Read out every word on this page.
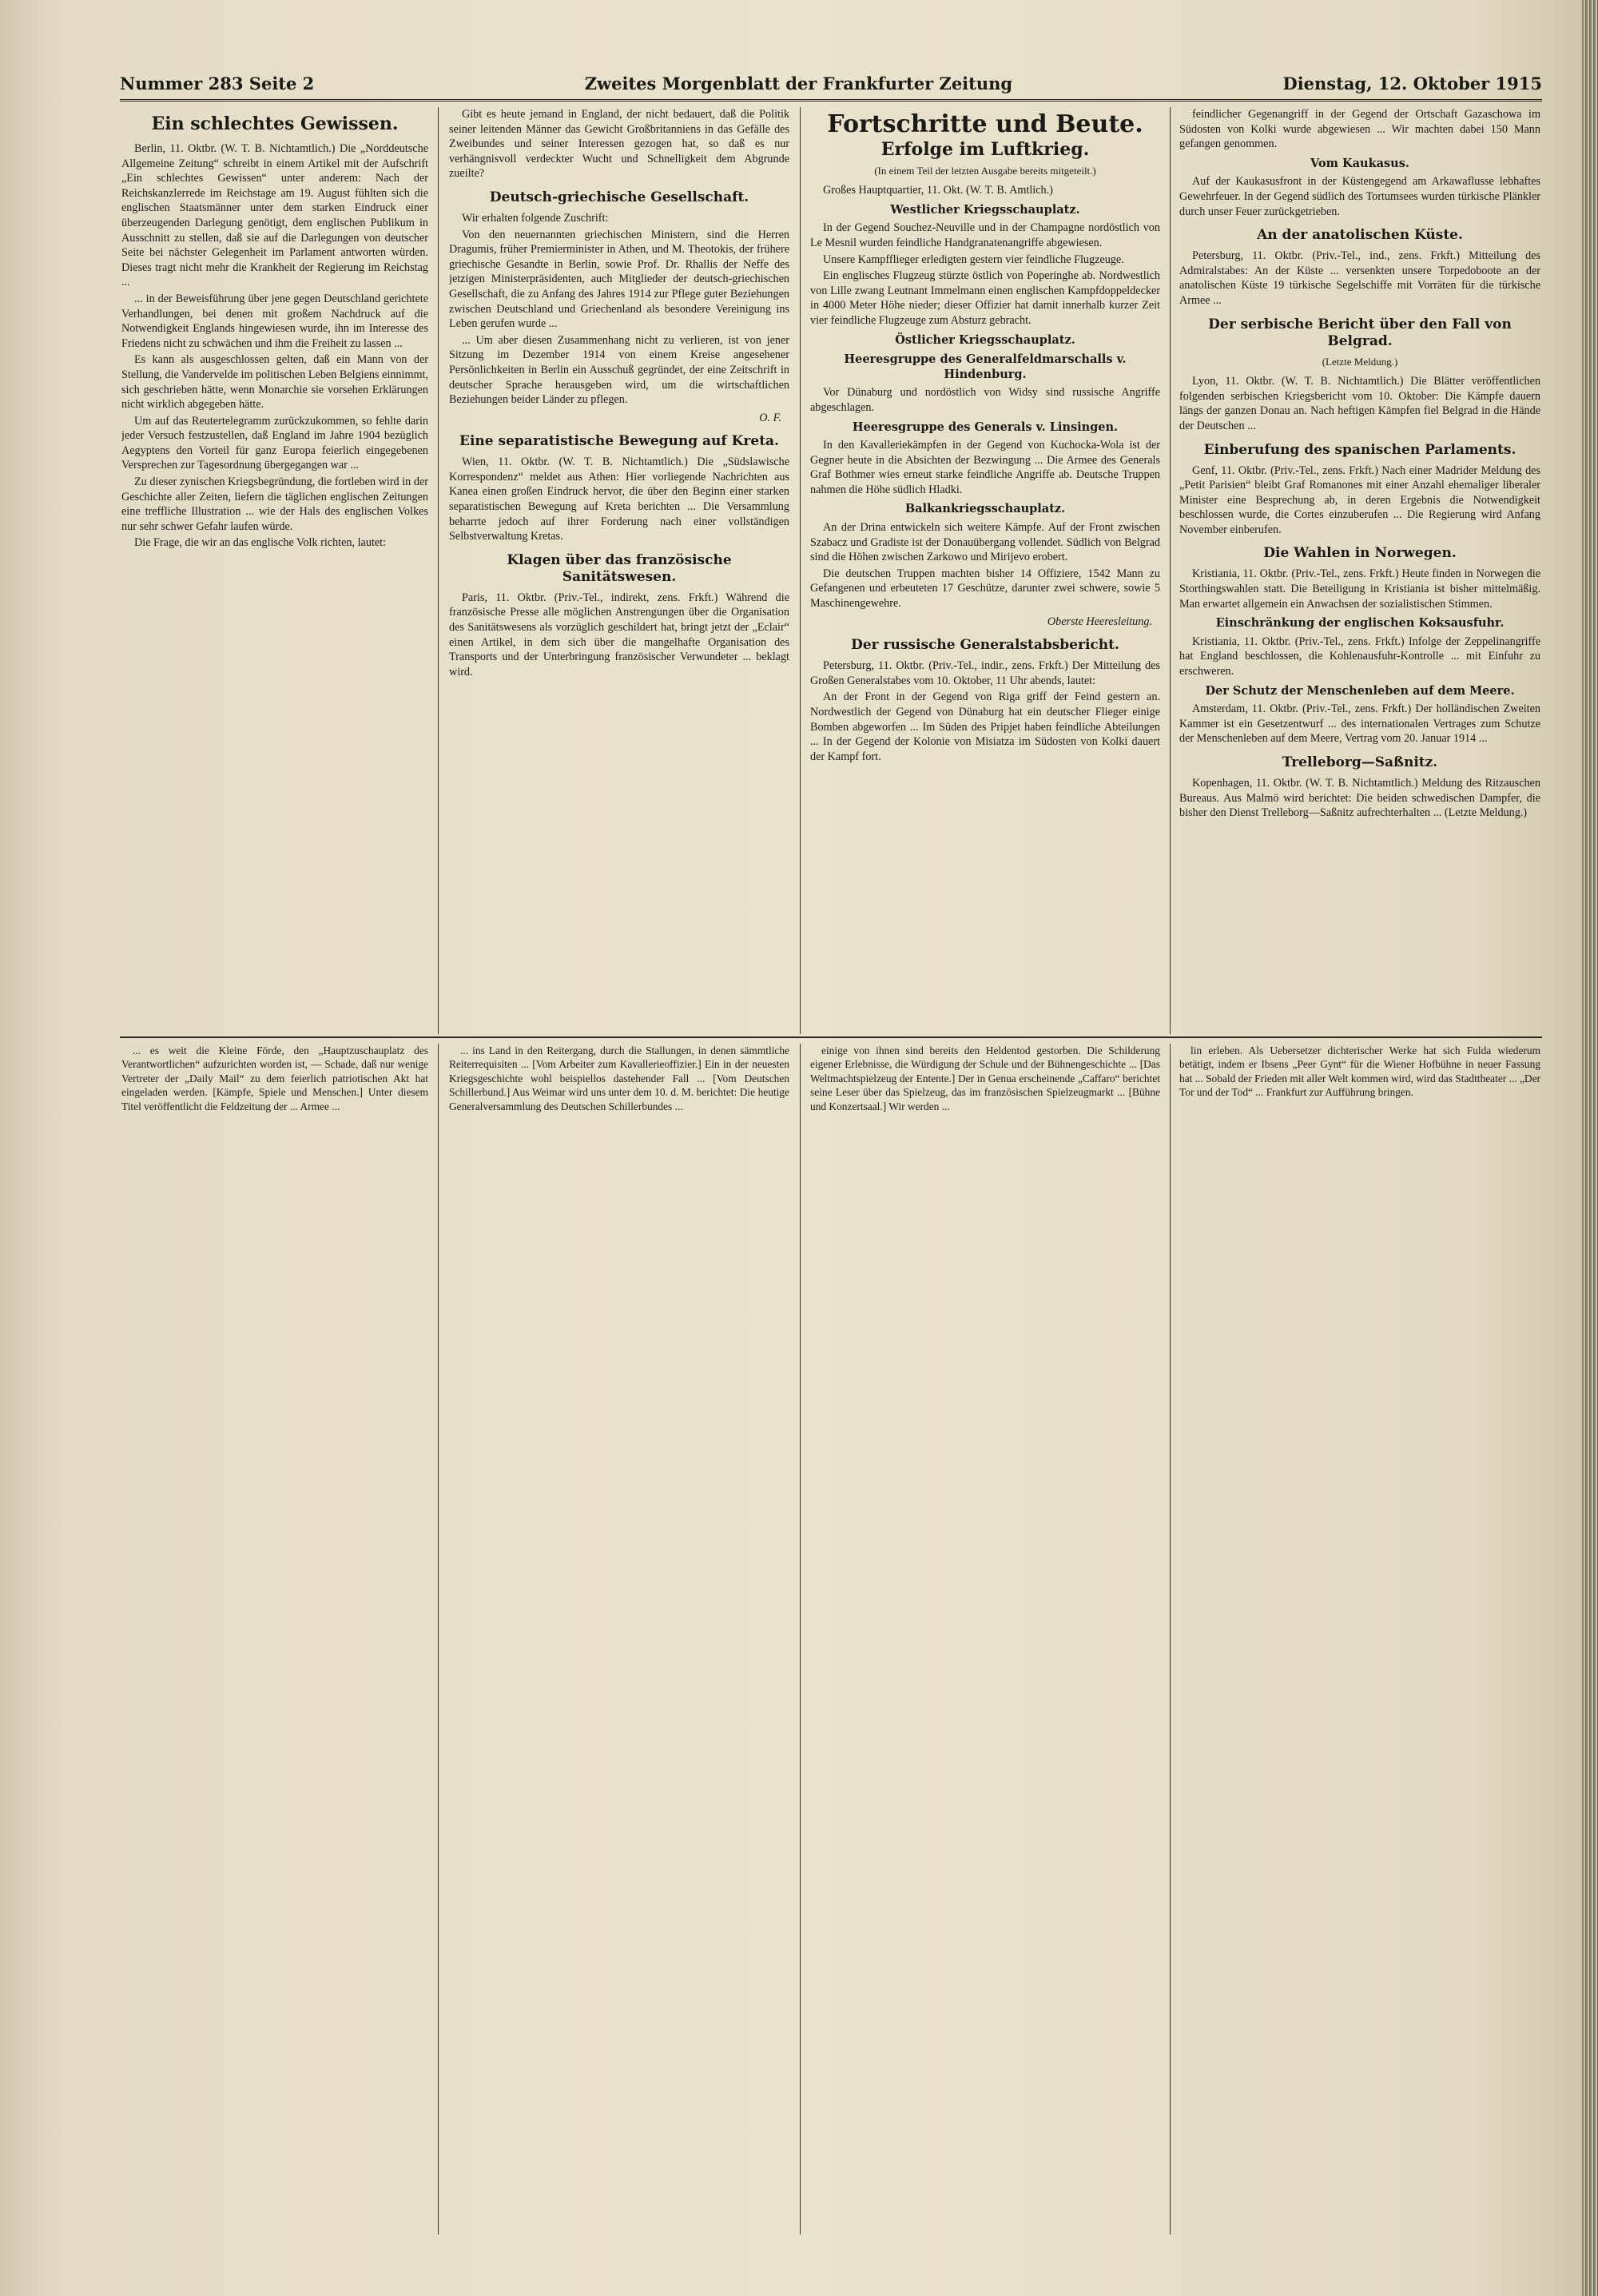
Nummer 283 Seite 2	Zweites Morgenblatt der Frankfurter Zeitung	Dienstag, 12. Oktober 1915
Ein schlechtes Gewissen.

Berlin, 11. Oktbr. (W. T. B. Nichtamtlich.) Die „Norddeutsche Allgemeine Zeitung“ schreibt in einem Artikel mit der Aufschrift „Ein schlechtes Gewissen“ unter anderem: Nach der Reichskanzlerrede im Reichstage am 19. August fühlten sich die englischen Staatsmänner unter dem starken Eindruck einer überzeugenden Darlegung genötigt, dem englischen Publikum in Ausschnitt zu stellen, daß sie auf die Darlegungen von deutscher Seite bei nächster Gelegenheit im Parlament antworten würden. Dieses tragt nicht mehr die Krankheit der Regierung im Reichstag ...

... in der Beweisführung über jene gegen Deutschland gerichtete Verhandlungen, bei denen mit großem Nachdruck auf die Notwendigkeit Englands hingewiesen wurde, ihn im Interesse des Friedens nicht zu schwächen und ihm die Freiheit zu lassen ...

Es kann als ausgeschlossen gelten, daß ein Mann von der Stellung, die Vandervelde im politischen Leben Belgiens einnimmt, sich geschrieben hätte, wenn Monarchie sie vorsehen Erklärungen nicht wirklich abgegeben hätte.

Um auf das Reutertelegramm zurückzukommen, so fehlte darin jeder Versuch festzustellen, daß England im Jahre 1904 bezüglich Aegyptens den Vorteil für ganz Europa feierlich eingegebenen Versprechen zur Tagesordnung übergegangen war ...

Zu dieser zynischen Kriegsbegründung, die fortleben wird in der Geschichte aller Zeiten, liefern die täglichen englischen Zeitungen eine treffliche Illustration ... wie der Hals des englischen Volkes nur sehr schwer Gefahr laufen würde.

Die Frage, die wir an das englische Volk richten, lautet:

Gibt es heute jemand in England, der nicht bedauert, daß die Politik seiner leitenden Männer das Gewicht Großbritanniens in das Gefälle des Zweibundes und seiner Interessen gezogen hat, so daß es nur verhängnisvoll verdeckter Wucht und Schnelligkeit dem Abgrunde zueilte?

Deutsch-griechische Gesellschaft.

Wir erhalten folgende Zuschrift:

Von den neuernannten griechischen Ministern, sind die Herren Dragumis, früher Premierminister in Athen, und M. Theotokis, der frühere griechische Gesandte in Berlin, sowie Prof. Dr. Rhallis der Neffe des jetzigen Ministerpräsidenten, auch Mitglieder der deutsch-griechischen Gesellschaft, die zu Anfang des Jahres 1914 zur Pflege guter Beziehungen zwischen Deutschland und Griechenland als besondere Vereinigung ins Leben gerufen wurde ...

... Um aber diesen Zusammenhang nicht zu verlieren, ist von jener Sitzung im Dezember 1914 von einem Kreise angesehener Persönlichkeiten in Berlin ein Ausschuß gegründet, der eine Zeitschrift in deutscher Sprache herausgeben wird, um die wirtschaftlichen Beziehungen beider Länder zu pflegen.

O. F.
Eine separatistische Bewegung auf Kreta.

Wien, 11. Oktbr. (W. T. B. Nichtamtlich.) Die „Südslawische Korrespondenz“ meldet aus Athen: Hier vorliegende Nachrichten aus Kanea einen großen Eindruck hervor, die über den Beginn einer starken separatistischen Bewegung auf Kreta berichten ... Die Versammlung beharrte jedoch auf ihrer Forderung nach einer vollständigen Selbstverwaltung Kretas.

Klagen über das französische Sanitätswesen.

Paris, 11. Oktbr. (Priv.-Tel., indirekt, zens. Frkft.) Während die französische Presse alle möglichen Anstrengungen über die Organisation des Sanitätswesens als vorzüglich geschildert hat, bringt jetzt der „Eclair“ einen Artikel, in dem sich über die mangelhafte Organisation des Transports und der Unterbringung französischer Verwundeter ... beklagt wird.

Fortschritte und Beute.
Erfolge im Luftkrieg.
(In einem Teil der letzten Ausgabe bereits mitgeteilt.)

Großes Hauptquartier, 11. Okt. (W. T. B. Amtlich.)

Westlicher Kriegsschauplatz.

In der Gegend Souchez-Neuville und in der Champagne nordöstlich von Le Mesnil wurden feindliche Handgranatenangriffe abgewiesen.

Unsere Kampfflieger erledigten gestern vier feindliche Flugzeuge.

Ein englisches Flugzeug stürzte östlich von Poperinghe ab. Nordwestlich von Lille zwang Leutnant Immelmann einen englischen Kampfdoppeldecker in 4000 Meter Höhe nieder; dieser Offizier hat damit innerhalb kurzer Zeit vier feindliche Flugzeuge zum Absturz gebracht.

Östlicher Kriegsschauplatz.
Heeresgruppe des Generalfeldmarschalls v. Hindenburg.

Vor Dünaburg und nordöstlich von Widsy sind russische Angriffe abgeschlagen.

Heeresgruppe des Generals v. Linsingen.

In den Kavalleriekämpfen in der Gegend von Kuchocka-Wola ist der Gegner heute in die Absichten der Bezwingung ... Die Armee des Generals Graf Bothmer wies erneut starke feindliche Angriffe ab. Deutsche Truppen nahmen die Höhe südlich Hladki.

Balkankriegsschauplatz.

An der Drina entwickeln sich weitere Kämpfe. Auf der Front zwischen Szabacz und Gradiste ist der Donauübergang vollendet. Südlich von Belgrad sind die Höhen zwischen Zarkowo und Mirijevo erobert.

Die deutschen Truppen machten bisher 14 Offiziere, 1542 Mann zu Gefangenen und erbeuteten 17 Geschütze, darunter zwei schwere, sowie 5 Maschinengewehre.

Oberste Heeresleitung.
Der russische Generalstabsbericht.

Petersburg, 11. Oktbr. (Priv.-Tel., indir., zens. Frkft.) Der Mitteilung des Großen Generalstabes vom 10. Oktober, 11 Uhr abends, lautet:

An der Front in der Gegend von Riga griff der Feind gestern an. Nordwestlich der Gegend von Dünaburg hat ein deutscher Flieger einige Bomben abgeworfen ... Im Süden des Pripjet haben feindliche Abteilungen ... In der Gegend der Kolonie von Misiatza im Südosten von Kolki dauert der Kampf fort.

feindlicher Gegenangriff in der Gegend der Ortschaft Gazaschowa im Südosten von Kolki wurde abgewiesen ... Wir machten dabei 150 Mann gefangen genommen.

Vom Kaukasus.

Auf der Kaukasusfront in der Küstengegend am Arkawaflusse lebhaftes Gewehrfeuer. In der Gegend südlich des Tortumsees wurden türkische Plänkler durch unser Feuer zurückgetrieben.

An der anatolischen Küste.

Petersburg, 11. Oktbr. (Priv.-Tel., ind., zens. Frkft.) Mitteilung des Admiralstabes: An der Küste ... versenkten unsere Torpedoboote an der anatolischen Küste 19 türkische Segelschiffe mit Vorräten für die türkische Armee ...

Der serbische Bericht über den Fall von Belgrad.
(Letzte Meldung.)

Lyon, 11. Oktbr. (W. T. B. Nichtamtlich.) Die Blätter veröffentlichen folgenden serbischen Kriegsbericht vom 10. Oktober: Die Kämpfe dauern längs der ganzen Donau an. Nach heftigen Kämpfen fiel Belgrad in die Hände der Deutschen ...

Einberufung des spanischen Parlaments.

Genf, 11. Oktbr. (Priv.-Tel., zens. Frkft.) Nach einer Madrider Meldung des „Petit Parisien“ bleibt Graf Romanones mit einer Anzahl ehemaliger liberaler Minister eine Besprechung ab, in deren Ergebnis die Notwendigkeit beschlossen wurde, die Cortes einzuberufen ... Die Regierung wird Anfang November einberufen.

Die Wahlen in Norwegen.

Kristiania, 11. Oktbr. (Priv.-Tel., zens. Frkft.) Heute finden in Norwegen die Storthingswahlen statt. Die Beteiligung in Kristiania ist bisher mittelmäßig. Man erwartet allgemein ein Anwachsen der sozialistischen Stimmen.

Einschränkung der englischen Koksausfuhr.

Kristiania, 11. Oktbr. (Priv.-Tel., zens. Frkft.) Infolge der Zeppelinangriffe hat England beschlossen, die Kohlenausfuhr-Kontrolle ... mit Einfuhr zu erschweren.

Der Schutz der Menschenleben auf dem Meere.

Amsterdam, 11. Oktbr. (Priv.-Tel., zens. Frkft.) Der holländischen Zweiten Kammer ist ein Gesetzentwurf ... des internationalen Vertrages zum Schutze der Menschenleben auf dem Meere, Vertrag vom 20. Januar 1914 ...

Trelleborg—Saßnitz.

Kopenhagen, 11. Oktbr. (W. T. B. Nichtamtlich.) Meldung des Ritzauschen Bureaus. Aus Malmö wird berichtet: Die beiden schwedischen Dampfer, die bisher den Dienst Trelleborg—Saßnitz aufrechterhalten ... (Letzte Meldung.)

... es weit die Kleine Förde, den „Hauptzuschauplatz des Verantwortlichen“ aufzurichten worden ist, — Schade, daß nur wenige Vertreter der „Daily Mail“ zu dem feierlich patriotischen Akt hat eingeladen werden. [Kämpfe, Spiele und Menschen.] Unter diesem Titel veröffentlicht die Feldzeitung der ... Armee ...

... ins Land in den Reitergang, durch die Stallungen, in denen sämmtliche Reiterrequisiten ... [Vom Arbeiter zum Kavallerieoffizier.] Ein in der neuesten Kriegsgeschichte wohl beispiellos dastehender Fall ... [Vom Deutschen Schillerbund.] Aus Weimar wird uns unter dem 10. d. M. berichtet: Die heutige Generalversammlung des Deutschen Schillerbundes ...

einige von ihnen sind bereits den Heldentod gestorben. Die Schilderung eigener Erlebnisse, die Würdigung der Schule und der Bühnengeschichte ... [Das Weltmachtspielzeug der Entente.] Der in Genua erscheinende „Caffaro“ berichtet seine Leser über das Spielzeug, das im französischen Spielzeugmarkt ... [Bühne und Konzertsaal.] Wir werden ...

lin erleben. Als Uebersetzer dichterischer Werke hat sich Fulda wiederum betätigt, indem er Ibsens „Peer Gynt“ für die Wiener Hofbühne in neuer Fassung hat ... Sobald der Frieden mit aller Welt kommen wird, wird das Stadttheater ... „Der Tor und der Tod“ ... Frankfurt zur Aufführung bringen.
